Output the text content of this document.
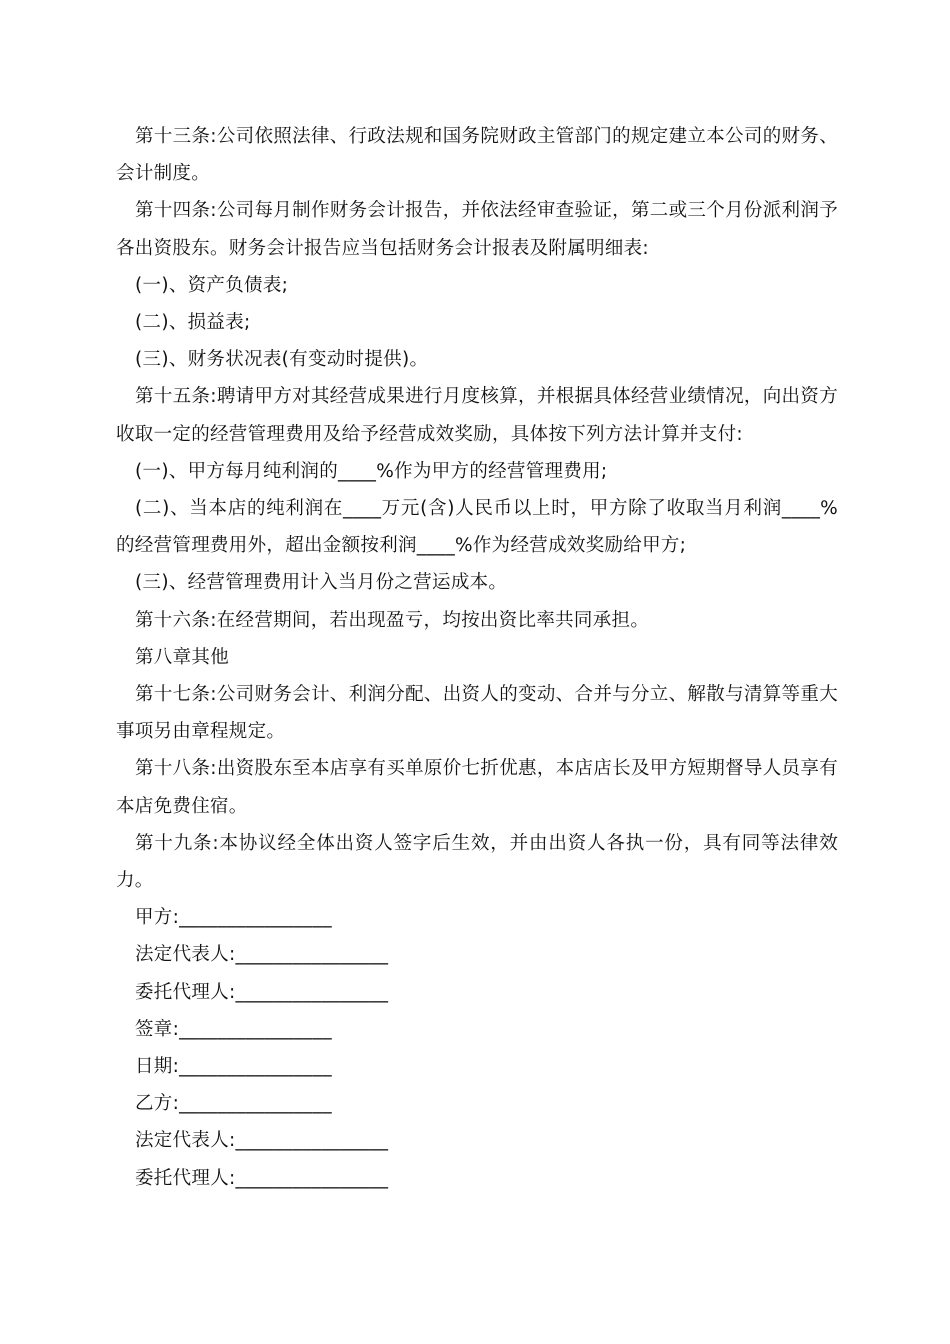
第十三条:公司依照法律、行政法规和国务院财政主管部门的规定建立本公司的财务、会计制度。

第十四条:公司每月制作财务会计报告，并依法经审查验证，第二或三个月份派利润予各出资股东。财务会计报告应当包括财务会计报表及附属明细表:

(一)、资产负债表;

(二)、损益表;

(三)、财务状况表(有变动时提供)。

第十五条:聘请甲方对其经营成果进行月度核算，并根据具体经营业绩情况，向出资方收取一定的经营管理费用及给予经营成效奖励，具体按下列方法计算并支付:

(一)、甲方每月纯利润的____%作为甲方的经营管理费用;

(二)、当本店的纯利润在____万元(含)人民币以上时，甲方除了收取当月利润____%的经营管理费用外，超出金额按利润____%作为经营成效奖励给甲方;

(三)、经营管理费用计入当月份之营运成本。

第十六条:在经营期间，若出现盈亏，均按出资比率共同承担。

第八章其他

第十七条:公司财务会计、利润分配、出资人的变动、合并与分立、解散与清算等重大事项另由章程规定。

第十八条:出资股东至本店享有买单原价七折优惠，本店店长及甲方短期督导人员享有本店免费住宿。

第十九条:本协议经全体出资人签字后生效，并由出资人各执一份，具有同等法律效力。

甲方:________________

法定代表人:________________

委托代理人:________________

签章:________________

日期:________________

乙方:________________

法定代表人:________________

委托代理人:________________
